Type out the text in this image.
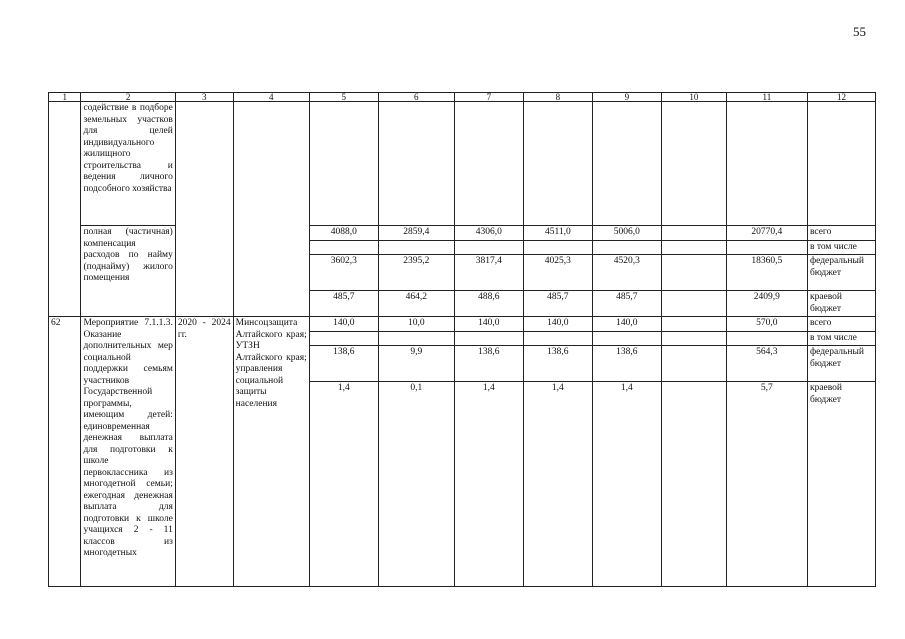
55
1	2	3	4	5	6	7	8	9	10	11	12
	содействие в подборе земельных участков для целей индивидуального жилищного строительства и ведения личного подсобного хозяйства										
	полная (частичная) компенсация расходов по найму (поднайму) жилого помещения			4088,0	2859,4	4306,0	4511,0	5006,0		20770,4	всего
											в том числе
				3602,3	2395,2	3817,4	4025,3	4520,3		18360,5	федеральный бюджет
				485,7	464,2	488,6	485,7	485,7		2409,9	краевой бюджет
62	Мероприятие 7.1.1.3. Оказание дополнительных мер социальной поддержки семьям участников Государственной программы, имеющим детей: единовременная денежная выплата для подготовки к школе первоклассника из многодетной семьи; ежегодная денежная выплата для подготовки к школе учащихся 2 - 11 классов из многодетных	2020 - 2024 гг.	Минсоцзащита Алтайского края; УТЗН Алтайского края; управления социальной защиты населения	140,0	10,0	140,0	140,0	140,0		570,0	всего
											в том числе
				138,6	9,9	138,6	138,6	138,6		564,3	федеральный бюджет
				1,4	0,1	1,4	1,4	1,4		5,7	краевой бюджет
